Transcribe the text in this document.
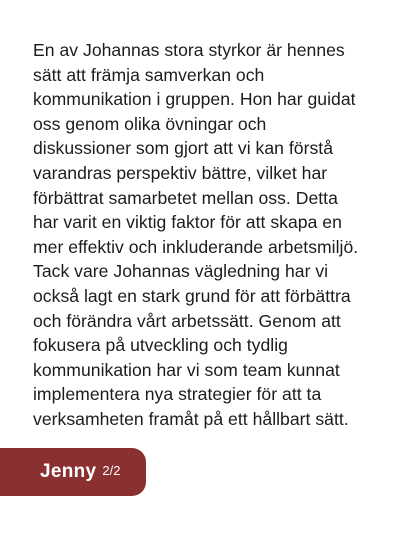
En av Johannas stora styrkor är hennes
sätt att främja samverkan och
kommunikation i gruppen. Hon har guidat
oss genom olika övningar och
diskussioner som gjort att vi kan förstå
varandras perspektiv bättre, vilket har
förbättrat samarbetet mellan oss. Detta
har varit en viktig faktor för att skapa en
mer effektiv och inkluderande arbetsmiljö.
Tack vare Johannas vägledning har vi
också lagt en stark grund för att förbättra
och förändra vårt arbetssätt. Genom att
fokusera på utveckling och tydlig
kommunikation har vi som team kunnat
implementera nya strategier för att ta
verksamheten framåt på ett hållbart sätt.

Jenny 2/2
